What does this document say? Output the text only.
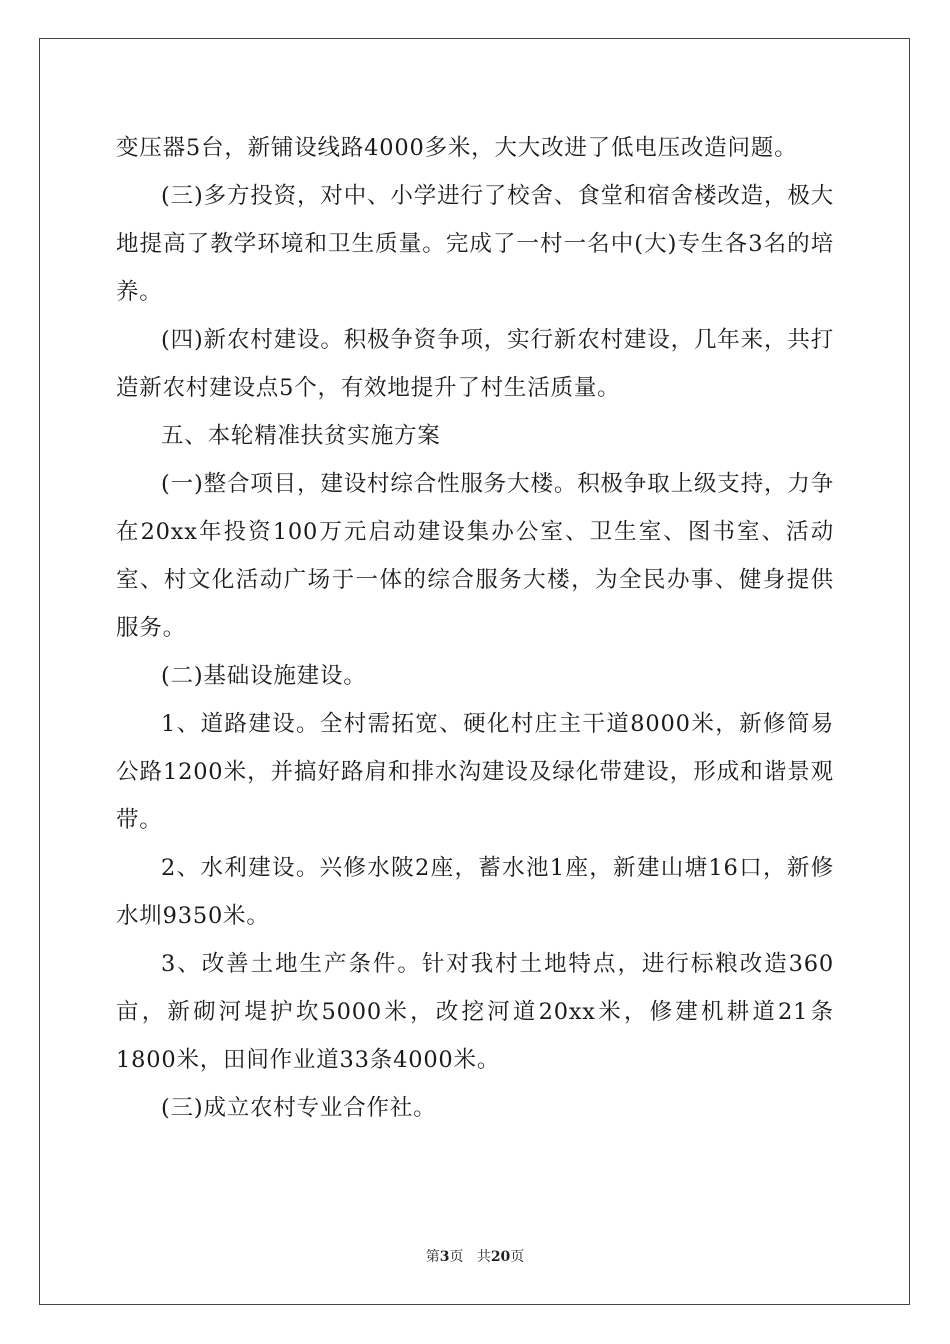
变压器5台，新铺设线路4000多米，大大改进了低电压改造问题。

(三)多方投资，对中、小学进行了校舍、食堂和宿舍楼改造，极大地提高了教学环境和卫生质量。完成了一村一名中(大)专生各3名的培养。

(四)新农村建设。积极争资争项，实行新农村建设，几年来，共打造新农村建设点5个，有效地提升了村生活质量。

五、本轮精准扶贫实施方案

(一)整合项目，建设村综合性服务大楼。积极争取上级支持，力争在20xx年投资100万元启动建设集办公室、卫生室、图书室、活动室、村文化活动广场于一体的综合服务大楼，为全民办事、健身提供服务。

(二)基础设施建设。

1、道路建设。全村需拓宽、硬化村庄主干道8000米，新修简易公路1200米，并搞好路肩和排水沟建设及绿化带建设，形成和谐景观带。

2、水利建设。兴修水陂2座，蓄水池1座，新建山塘16口，新修水圳9350米。

3、改善土地生产条件。针对我村土地特点，进行标粮改造360亩，新砌河堤护坎5000米，改挖河道20xx米，修建机耕道21条1800米，田间作业道33条4000米。

(三)成立农村专业合作社。

第3页 共20页
